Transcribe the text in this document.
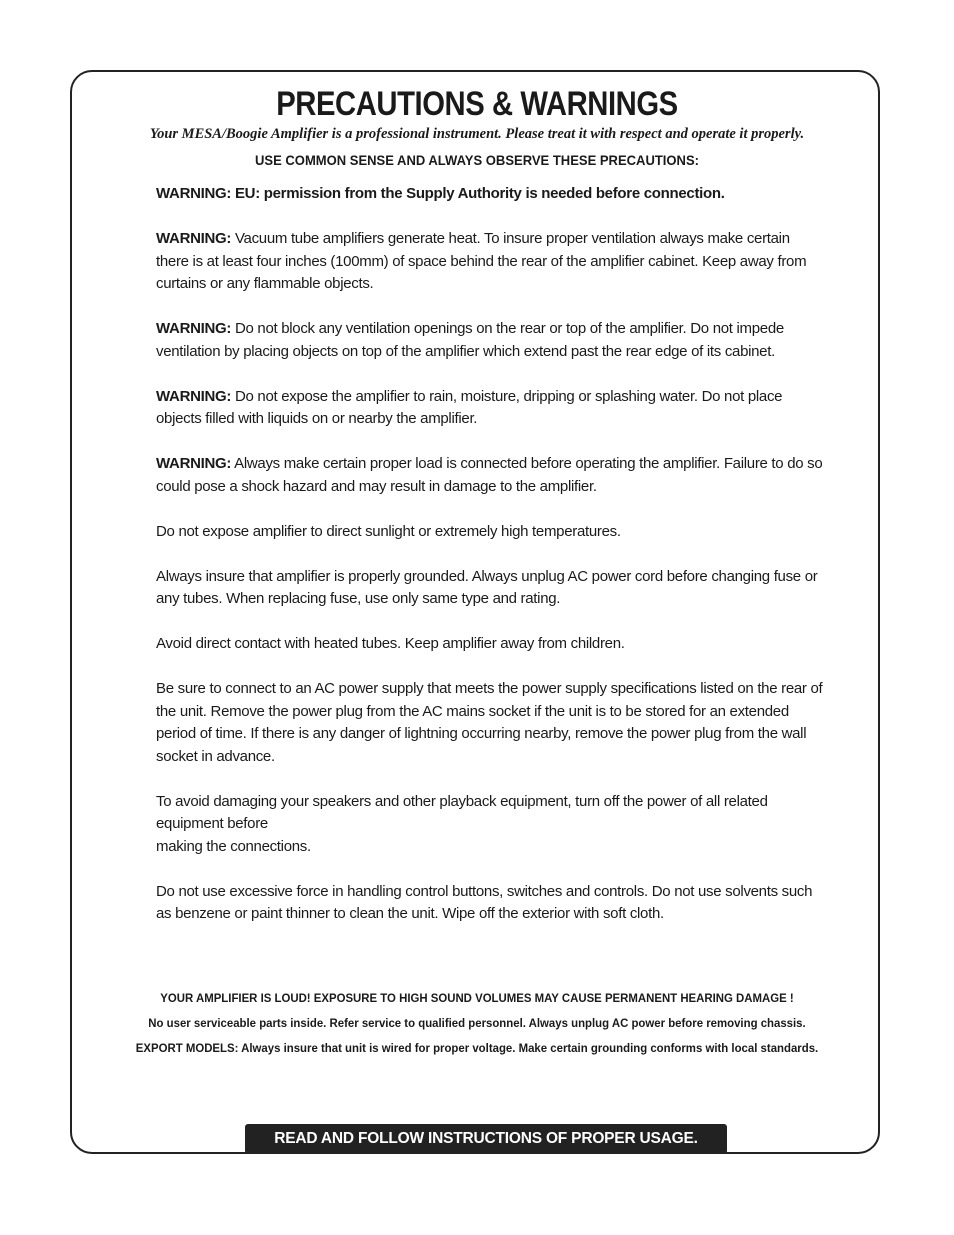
PRECAUTIONS & WARNINGS
Your MESA/Boogie Amplifier is a professional instrument. Please treat it with respect and operate it properly.
USE COMMON SENSE AND ALWAYS OBSERVE THESE PRECAUTIONS:

WARNING: EU: permission from the Supply Authority is needed before connection.

WARNING: Vacuum tube amplifiers generate heat. To insure proper ventilation always make certain there is at least four inches (100mm) of space behind the rear of the amplifier cabinet. Keep away from curtains or any flammable objects.

WARNING: Do not block any ventilation openings on the rear or top of the amplifier. Do not impede ventilation by placing objects on top of the amplifier which extend past the rear edge of its cabinet.

WARNING: Do not expose the amplifier to rain, moisture, dripping or splashing water. Do not place objects filled with liquids on or nearby the amplifier.

WARNING: Always make certain proper load is connected before operating the amplifier. Failure to do so could pose a shock hazard and may result in damage to the amplifier.

Do not expose amplifier to direct sunlight or extremely high temperatures.

Always insure that amplifier is properly grounded. Always unplug AC power cord before changing fuse or any tubes. When replacing fuse, use only same type and rating.

Avoid direct contact with heated tubes. Keep amplifier away from children.

Be sure to connect to an AC power supply that meets the power supply specifications listed on the rear of the unit. Remove the power plug from the AC mains socket if the unit is to be stored for an extended period of time. If there is any danger of lightning occurring nearby, remove the power plug from the wall socket in advance.

To avoid damaging your speakers and other playback equipment, turn off the power of all related equipment before
making the connections.

Do not use excessive force in handling control buttons, switches and controls. Do not use solvents such as benzene or paint thinner to clean the unit. Wipe off the exterior with soft cloth.

YOUR AMPLIFIER IS LOUD! EXPOSURE TO HIGH SOUND VOLUMES MAY CAUSE PERMANENT HEARING DAMAGE !
No user serviceable parts inside. Refer service to qualified personnel. Always unplug AC power before removing chassis.
EXPORT MODELS: Always insure that unit is wired for proper voltage. Make certain grounding conforms with local standards.
READ AND FOLLOW INSTRUCTIONS OF PROPER USAGE.
